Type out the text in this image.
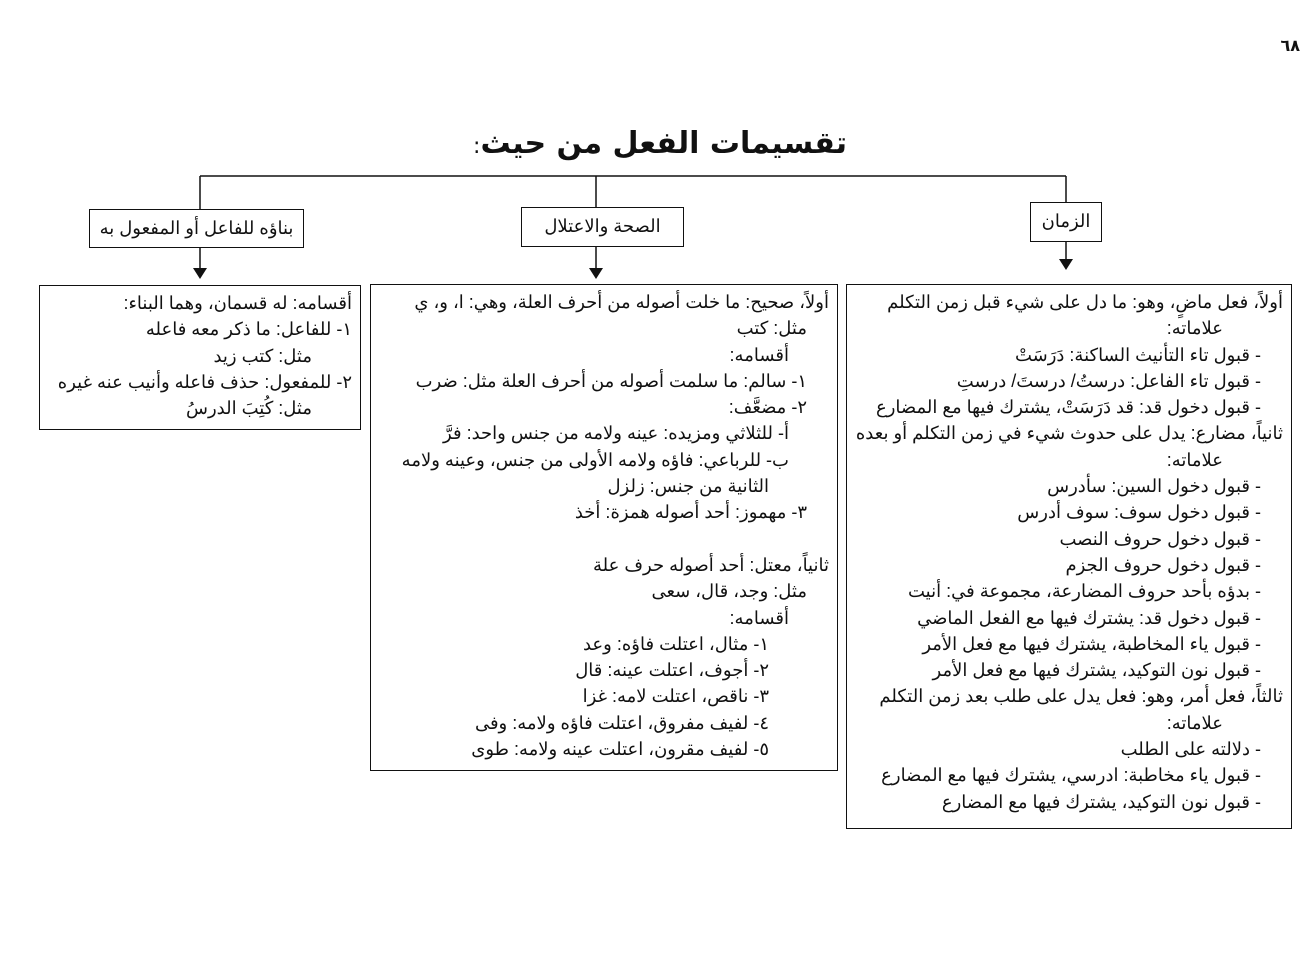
٦٨
تقسيمات الفعل من حيث:
بناؤه للفاعل أو المفعول به	الصحة والاعتلال	الزمان
أولاً، فعل ماضٍ، وهو: ما دل على شيء قبل زمن التكلم
علاماته:
- قبول تاء التأنيث الساكنة: دَرَسَتْ
- قبول تاء الفاعل: درستُ/ درستَ/ درستِ
- قبول دخول قد: قد دَرَسَتْ، يشترك فيها مع المضارع
ثانياً، مضارع: يدل على حدوث شيء في زمن التكلم أو بعده
علاماته:
- قبول دخول السين: سأدرس
- قبول دخول سوف: سوف أدرس
- قبول دخول حروف النصب
- قبول دخول حروف الجزم
- بدؤه بأحد حروف المضارعة، مجموعة في: أنيت
- قبول دخول قد: يشترك فيها مع الفعل الماضي
- قبول ياء المخاطبة، يشترك فيها مع فعل الأمر
- قبول نون التوكيد، يشترك فيها مع فعل الأمر
ثالثاً، فعل أمر، وهو: فعل يدل على طلب بعد زمن التكلم
علاماته:
- دلالته على الطلب
- قبول ياء مخاطبة: ادرسي، يشترك فيها مع المضارع
- قبول نون التوكيد، يشترك فيها مع المضارع
أولاً، صحيح: ما خلت أصوله من أحرف العلة، وهي: ا، و، ي
مثل: كتب
أقسامه:
١- سالم: ما سلمت أصوله من أحرف العلة مثل: ضرب
٢- مضعَّف:
أ- للثلاثي ومزيده: عينه ولامه من جنس واحد: فرَّ
ب- للرباعي: فاؤه ولامه الأولى من جنس، وعينه ولامه
الثانية من جنس: زلزل
٣- مهموز: أحد أصوله همزة: أخذ
ثانياً، معتل: أحد أصوله حرف علة
مثل: وجد، قال، سعى
أقسامه:
١- مثال، اعتلت فاؤه: وعد
٢- أجوف، اعتلت عينه: قال
٣- ناقص، اعتلت لامه: غزا
٤- لفيف مفروق، اعتلت فاؤه ولامه: وفى
٥- لفيف مقرون، اعتلت عينه ولامه: طوى
أقسامه: له قسمان، وهما البناء:
١- للفاعل: ما ذكر معه فاعله
مثل: كتب زيد
٢- للمفعول: حذف فاعله وأنيب عنه غيره
مثل: كُتِبَ الدرسُ
